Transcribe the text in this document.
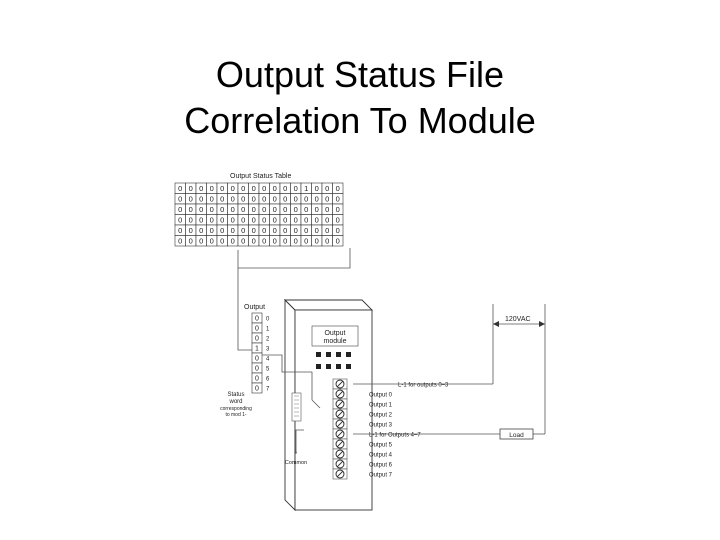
Output Status File
Correlation To Module
Output Status Table
0 0 0 0 0 0 0 0 0 0 0 0 1 0 0 0
0 0 0 0 0 0 0 0 0 0 0 0 0 0 0 0
0 0 0 0 0 0 0 0 0 0 0 0 0 0 0 0
0 0 0 0 0 0 0 0 0 0 0 0 0 0 0 0
0 0 0 0 0 0 0 0 0 0 0 0 0 0 0 0
0 0 0 0 0 0 0 0 0 0 0 0 0 0 0 0
Output
0
0
0
1
0
0
0
0
0
1
2
3
4
5
6
7
Status
word
corresponding
to mod 1-
Output
module
L-1 for outputs 0–3
Output 0
Output 1
Output 2
Output 3
L-1 for Outputs 4–7
Output 5
Output 4
Output 6
Output 7
*
Common
120VAC
Load
